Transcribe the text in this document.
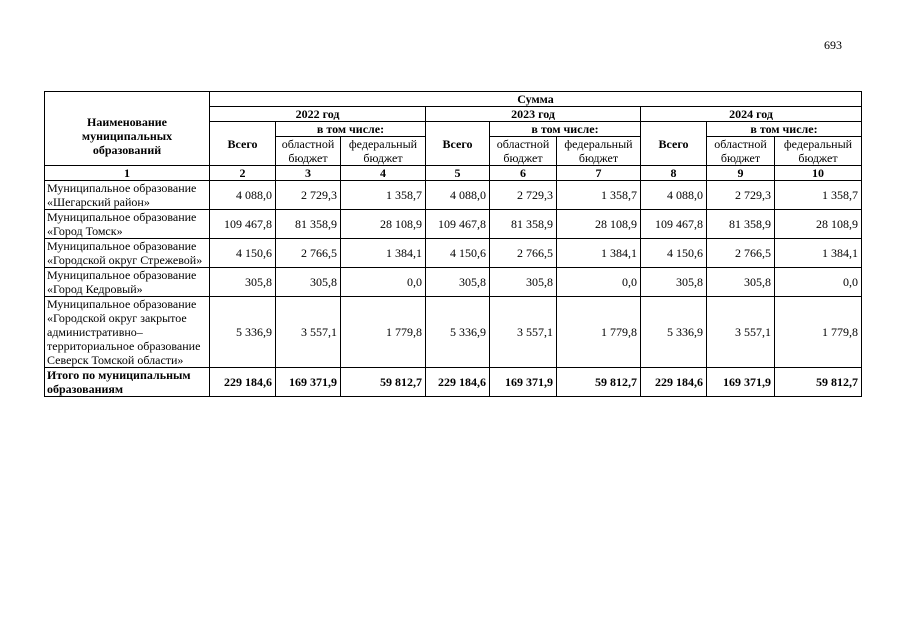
693
Наименование муниципальных образований	Сумма								
	2022 год			2023 год			2024 год		
	Всего	в том числе:		Всего	в том числе:		Всего	в том числе:	
		областной бюджет	федеральный бюджет		областной бюджет	федеральный бюджет		областной бюджет	федеральный бюджет
1	2	3	4	5	6	7	8	9	10
Муниципальное образование «Шегарский район»	4 088,0	2 729,3	1 358,7	4 088,0	2 729,3	1 358,7	4 088,0	2 729,3	1 358,7
Муниципальное образование «Город Томск»	109 467,8	81 358,9	28 108,9	109 467,8	81 358,9	28 108,9	109 467,8	81 358,9	28 108,9
Муниципальное образование «Городской округ Стрежевой»	4 150,6	2 766,5	1 384,1	4 150,6	2 766,5	1 384,1	4 150,6	2 766,5	1 384,1
Муниципальное образование «Город Кедровый»	305,8	305,8	0,0	305,8	305,8	0,0	305,8	305,8	0,0
Муниципальное образование «Городской округ закрытое административно–территориальное образование Северск Томской области»	5 336,9	3 557,1	1 779,8	5 336,9	3 557,1	1 779,8	5 336,9	3 557,1	1 779,8
Итого по муниципальным образованиям	229 184,6	169 371,9	59 812,7	229 184,6	169 371,9	59 812,7	229 184,6	169 371,9	59 812,7
